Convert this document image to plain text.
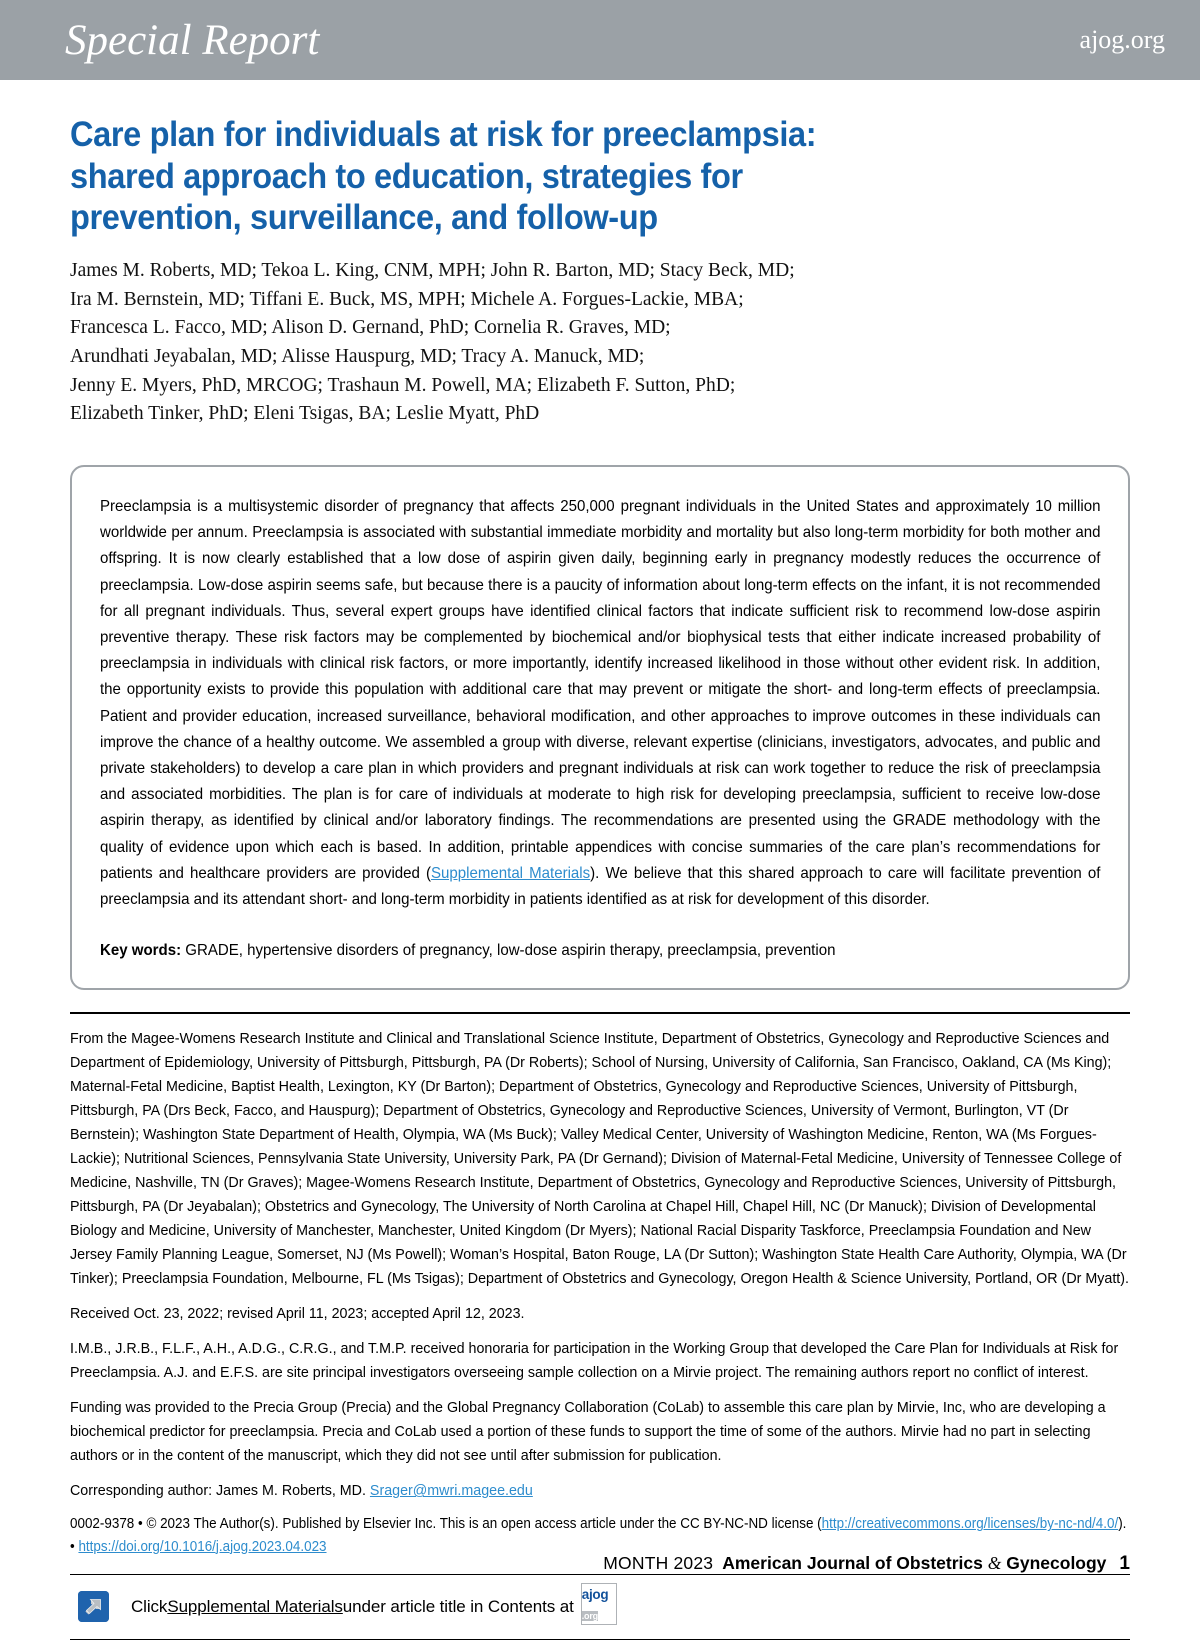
Special Report	ajog.org
Care plan for individuals at risk for preeclampsia:
shared approach to education, strategies for
prevention, surveillance, and follow-up
James M. Roberts, MD; Tekoa L. King, CNM, MPH; John R. Barton, MD; Stacy Beck, MD;
Ira M. Bernstein, MD; Tiffani E. Buck, MS, MPH; Michele A. Forgues-Lackie, MBA;
Francesca L. Facco, MD; Alison D. Gernand, PhD; Cornelia R. Graves, MD;
Arundhati Jeyabalan, MD; Alisse Hauspurg, MD; Tracy A. Manuck, MD;
Jenny E. Myers, PhD, MRCOG; Trashaun M. Powell, MA; Elizabeth F. Sutton, PhD;
Elizabeth Tinker, PhD; Eleni Tsigas, BA; Leslie Myatt, PhD
Preeclampsia is a multisystemic disorder of pregnancy that affects 250,000 pregnant individuals in the United States and approximately 10 million worldwide per annum. Preeclampsia is associated with substantial immediate morbidity and mortality but also long-term morbidity for both mother and offspring. It is now clearly established that a low dose of aspirin given daily, beginning early in pregnancy modestly reduces the occurrence of preeclampsia. Low-dose aspirin seems safe, but because there is a paucity of information about long-term effects on the infant, it is not recommended for all pregnant individuals. Thus, several expert groups have identified clinical factors that indicate sufficient risk to recommend low-dose aspirin preventive therapy. These risk factors may be complemented by biochemical and/or biophysical tests that either indicate increased probability of preeclampsia in individuals with clinical risk factors, or more importantly, identify increased likelihood in those without other evident risk. In addition, the opportunity exists to provide this population with additional care that may prevent or mitigate the short- and long-term effects of preeclampsia. Patient and provider education, increased surveillance, behavioral modification, and other approaches to improve outcomes in these individuals can improve the chance of a healthy outcome. We assembled a group with diverse, relevant expertise (clinicians, investigators, advocates, and public and private stakeholders) to develop a care plan in which providers and pregnant individuals at risk can work together to reduce the risk of preeclampsia and associated morbidities. The plan is for care of individuals at moderate to high risk for developing preeclampsia, sufficient to receive low-dose aspirin therapy, as identified by clinical and/or laboratory findings. The recommendations are presented using the GRADE methodology with the quality of evidence upon which each is based. In addition, printable appendices with concise summaries of the care plan’s recommendations for patients and healthcare providers are provided (Supplemental Materials). We believe that this shared approach to care will facilitate prevention of preeclampsia and its attendant short- and long-term morbidity in patients identified as at risk for development of this disorder.
Key words: GRADE, hypertensive disorders of pregnancy, low-dose aspirin therapy, preeclampsia, prevention
From the Magee-Womens Research Institute and Clinical and Translational Science Institute, Department of Obstetrics, Gynecology and Reproductive Sciences and Department of Epidemiology, University of Pittsburgh, Pittsburgh, PA (Dr Roberts); School of Nursing, University of California, San Francisco, Oakland, CA (Ms King); Maternal-Fetal Medicine, Baptist Health, Lexington, KY (Dr Barton); Department of Obstetrics, Gynecology and Reproductive Sciences, University of Pittsburgh, Pittsburgh, PA (Drs Beck, Facco, and Hauspurg); Department of Obstetrics, Gynecology and Reproductive Sciences, University of Vermont, Burlington, VT (Dr Bernstein); Washington State Department of Health, Olympia, WA (Ms Buck); Valley Medical Center, University of Washington Medicine, Renton, WA (Ms Forgues-Lackie); Nutritional Sciences, Pennsylvania State University, University Park, PA (Dr Gernand); Division of Maternal-Fetal Medicine, University of Tennessee College of Medicine, Nashville, TN (Dr Graves); Magee-Womens Research Institute, Department of Obstetrics, Gynecology and Reproductive Sciences, University of Pittsburgh, Pittsburgh, PA (Dr Jeyabalan); Obstetrics and Gynecology, The University of North Carolina at Chapel Hill, Chapel Hill, NC (Dr Manuck); Division of Developmental Biology and Medicine, University of Manchester, Manchester, United Kingdom (Dr Myers); National Racial Disparity Taskforce, Preeclampsia Foundation and New Jersey Family Planning League, Somerset, NJ (Ms Powell); Woman’s Hospital, Baton Rouge, LA (Dr Sutton); Washington State Health Care Authority, Olympia, WA (Dr Tinker); Preeclampsia Foundation, Melbourne, FL (Ms Tsigas); Department of Obstetrics and Gynecology, Oregon Health & Science University, Portland, OR (Dr Myatt).
Received Oct. 23, 2022; revised April 11, 2023; accepted April 12, 2023.
I.M.B., J.R.B., F.L.F., A.H., A.D.G., C.R.G., and T.M.P. received honoraria for participation in the Working Group that developed the Care Plan for Individuals at Risk for Preeclampsia. A.J. and E.F.S. are site principal investigators overseeing sample collection on a Mirvie project. The remaining authors report no conflict of interest.
Funding was provided to the Precia Group (Precia) and the Global Pregnancy Collaboration (CoLab) to assemble this care plan by Mirvie, Inc, who are developing a biochemical predictor for preeclampsia. Precia and CoLab used a portion of these funds to support the time of some of the authors. Mirvie had no part in selecting authors or in the content of the manuscript, which they did not see until after submission for publication.
Corresponding author: James M. Roberts, MD. Srager@mwri.magee.edu
0002-9378 • © 2023 The Author(s). Published by Elsevier Inc. This is an open access article under the CC BY-NC-ND license (http://creativecommons.org/licenses/by-nc-nd/4.0/). • https://doi.org/10.1016/j.ajog.2023.04.023
Click Supplemental Materials under article title in Contents at
ajog .org
MONTH 2023 American Journal of Obstetrics & Gynecology 1
